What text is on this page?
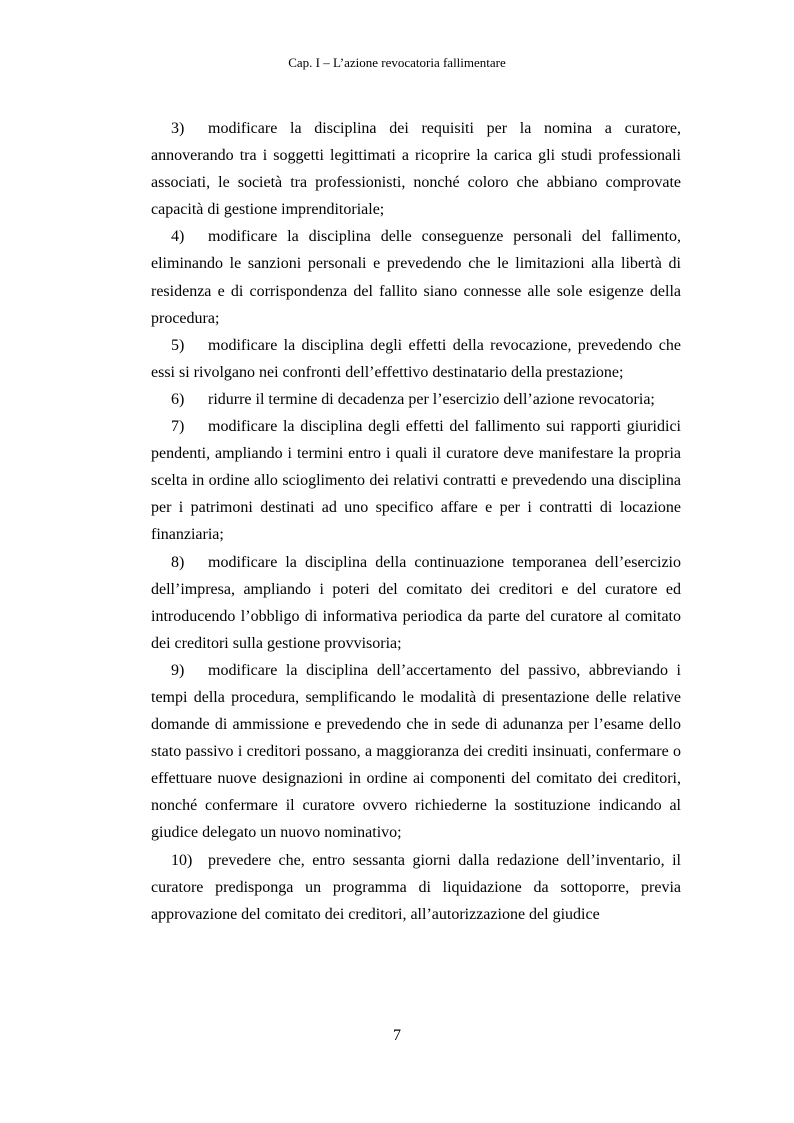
Cap. I – L’azione revocatoria fallimentare

3) modificare la disciplina dei requisiti per la nomina a curatore, annoverando tra i soggetti legittimati a ricoprire la carica gli studi professionali associati, le società tra professionisti, nonché coloro che abbiano comprovate capacità di gestione imprenditoriale;

4) modificare la disciplina delle conseguenze personali del fallimento, eliminando le sanzioni personali e prevedendo che le limitazioni alla libertà di residenza e di corrispondenza del fallito siano connesse alle sole esigenze della procedura;

5) modificare la disciplina degli effetti della revocazione, prevedendo che essi si rivolgano nei confronti dell’effettivo destinatario della prestazione;

6) ridurre il termine di decadenza per l’esercizio dell’azione revocatoria;

7) modificare la disciplina degli effetti del fallimento sui rapporti giuridici pendenti, ampliando i termini entro i quali il curatore deve manifestare la propria scelta in ordine allo scioglimento dei relativi contratti e prevedendo una disciplina per i patrimoni destinati ad uno specifico affare e per i contratti di locazione finanziaria;

8) modificare la disciplina della continuazione temporanea dell’esercizio dell’impresa, ampliando i poteri del comitato dei creditori e del curatore ed introducendo l’obbligo di informativa periodica da parte del curatore al comitato dei creditori sulla gestione provvisoria;

9) modificare la disciplina dell’accertamento del passivo, abbreviando i tempi della procedura, semplificando le modalità di presentazione delle relative domande di ammissione e prevedendo che in sede di adunanza per l’esame dello stato passivo i creditori possano, a maggioranza dei crediti insinuati, confermare o effettuare nuove designazioni in ordine ai componenti del comitato dei creditori, nonché confermare il curatore ovvero richiederne la sostituzione indicando al giudice delegato un nuovo nominativo;

10) prevedere che, entro sessanta giorni dalla redazione dell’inventario, il curatore predisponga un programma di liquidazione da sottoporre, previa approvazione del comitato dei creditori, all’autorizzazione del giudice

7
